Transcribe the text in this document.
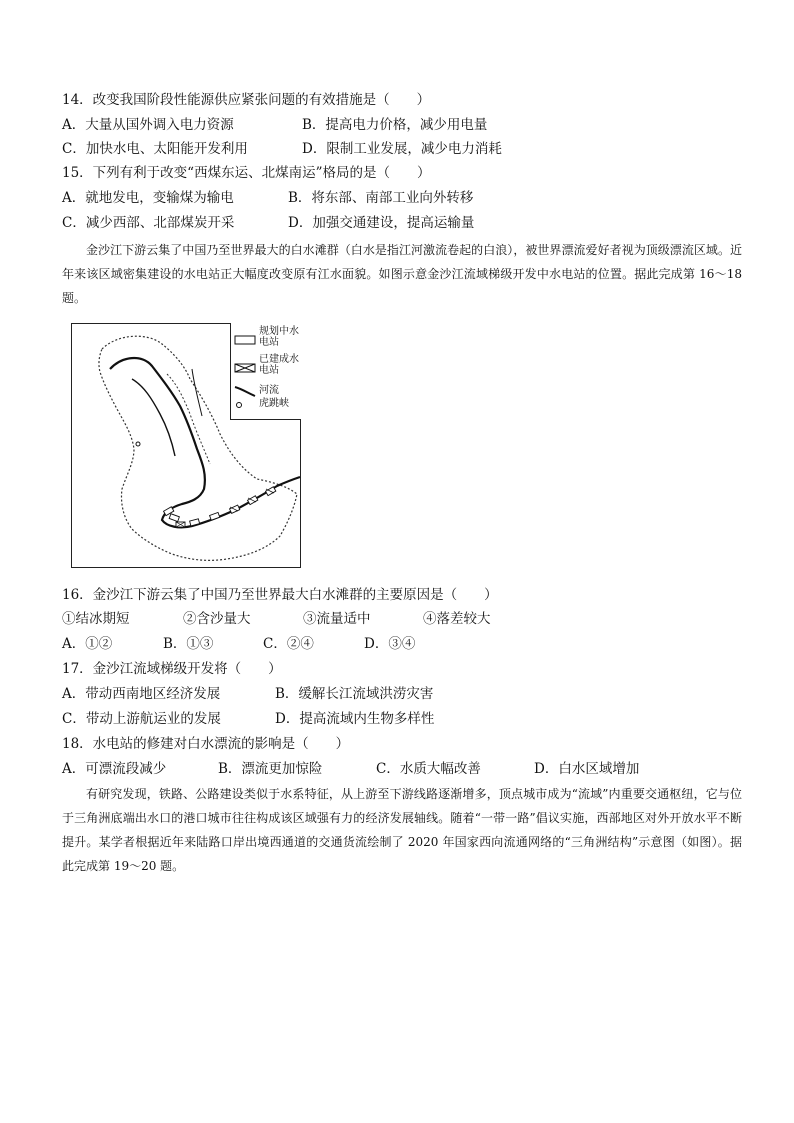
14．改变我国阶段性能源供应紧张问题的有效措施是（　　）
A．大量从国外调入电力资源	B．提高电力价格，减少用电量
C．加快水电、太阳能开发利用	D．限制工业发展，减少电力消耗
15．下列有利于改变“西煤东运、北煤南运”格局的是（　　）
A．就地发电，变输煤为输电	B．将东部、南部工业向外转移
C．减少西部、北部煤炭开采	D．加强交通建设，提高运输量
金沙江下游云集了中国乃至世界最大的白水滩群（白水是指江河激流卷起的白浪），被世界漂流爱好者视为顶级漂流区域。近年来该区域密集建设的水电站正大幅度改变原有江水面貌。如图示意金沙江流域梯级开发中水电站的位置。据此完成第 16～18 题。
规划中水电站
已建成水电站
河流
虎跳峡
16．金沙江下游云集了中国乃至世界最大白水滩群的主要原因是（　　）
①结冰期短	②含沙量大	③流量适中	④落差较大
A．①②	B．①③	C．②④	D．③④
17．金沙江流域梯级开发将（　　）
A．带动西南地区经济发展	B．缓解长江流域洪涝灾害
C．带动上游航运业的发展	D．提高流域内生物多样性
18．水电站的修建对白水漂流的影响是（　　）
A．可漂流段减少	B．漂流更加惊险	C．水质大幅改善	D．白水区域增加
有研究发现，铁路、公路建设类似于水系特征，从上游至下游线路逐渐增多，顶点城市成为“流域”内重要交通枢纽，它与位于三角洲底端出水口的港口城市往往构成该区域强有力的经济发展轴线。随着“一带一路”倡议实施，西部地区对外开放水平不断提升。某学者根据近年来陆路口岸出境西通道的交通货流绘制了 2020 年国家西向流通网络的“三角洲结构”示意图（如图）。据此完成第 19～20 题。
